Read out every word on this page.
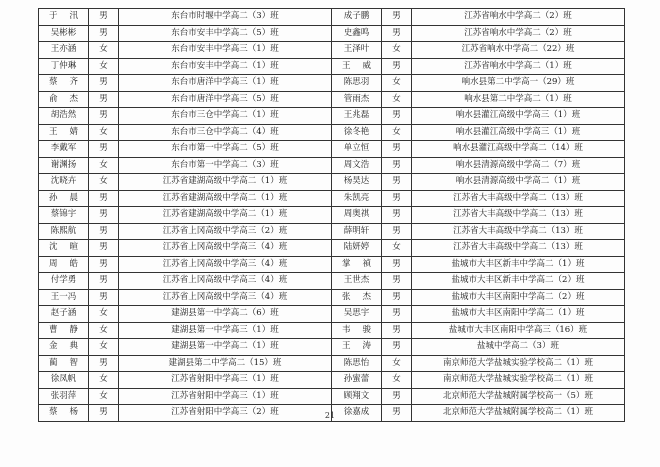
于 汛	男	东台市时堰中学高二（3）班	成子鹏	男	江苏省响水中学高二（2）班
吴彬彬	男	东台市安丰中学高二（5）班	史鑫鸣	男	江苏省响水中学高二（2）班
王亦涵	女	东台市安丰中学高三（1）班	王泽叶	女	江苏省响水中学高二（22）班
丁仲琳	女	东台市安丰中学高二（1）班	王 威	男	江苏省响水中学高二（1）班
蔡 齐	男	东台市唐洋中学高三（1）班	陈思羽	女	响水县第二中学高一（29）班
俞 杰	男	东台市唐洋中学高三（5）班	管雨杰	女	响水县第二中学高二（1）班
胡浩然	男	东台市三仓中学高二（1）班	王兆磊	男	响水县灌江高级中学高三（1）班
王 婧	女	东台市三仓中学高二（4）班	徐冬艳	女	响水县灌江高级中学高三（1）班
李戴军	男	东台市第一中学高二（5）班	单立恒	男	响水县灌江高级中学高二（14）班
谢渊扬	女	东台市第一中学高二（3）班	周文浩	男	响水县清源高级中学高二（7）班
沈晓卉	女	江苏省建湖高级中学高二（1）班	杨昊达	男	响水县清源高级中学高二（1）班
孙 晨	男	江苏省建湖高级中学高二（1）班	朱凯亮	男	江苏省大丰高级中学高二（13）班
蔡锦宇	男	江苏省建湖高级中学高二（1）班	周奥祺	男	江苏省大丰高级中学高二（13）班
陈熙航	男	江苏省上冈高级中学高三（2）班	薛明轩	男	江苏省大丰高级中学高二（13）班
沈 暄	男	江苏省上冈高级中学高三（4）班	陆妍婷	女	江苏省大丰高级中学高二（13）班
周 皓	男	江苏省上冈高级中学高三（4）班	掌 禎	男	盐城市大丰区新丰中学高二（1）班
付学勇	男	江苏省上冈高级中学高三（4）班	王世杰	男	盐城市大丰区新丰中学高二（2）班
王一冯	男	江苏省上冈高级中学高三（4）班	张 杰	男	盐城市大丰区南阳中学高二（2）班
赵子涵	女	建湖县第一中学高二（6）班	吴思宇	男	盐城市大丰区南阳中学高二（1）班
曹 静	女	建湖县第一中学高三（1）班	韦 骏	男	盐城市大丰区南阳中学高三（16）班
金 典	女	建湖县第一中学高二（1）班	王 涛	男	盐城中学高二（3）班
蔺 智	男	建湖县第二中学高二（15）班	陈思怡	女	南京师范大学盐城实验学校高二（1）班
徐凤帆	女	江苏省射阳中学高三（1）班	孙蜜蕾	女	南京师范大学盐城实验学校高二（1）班
张羽萍	女	江苏省射阳中学高三（1）班	顾翔文	男	北京师范大学盐城附属学校高一（5）班
蔡 杨	男	江苏省射阳中学高三（2）班	徐嘉成	男	北京师范大学盐城附属学校高二（1）班
21
